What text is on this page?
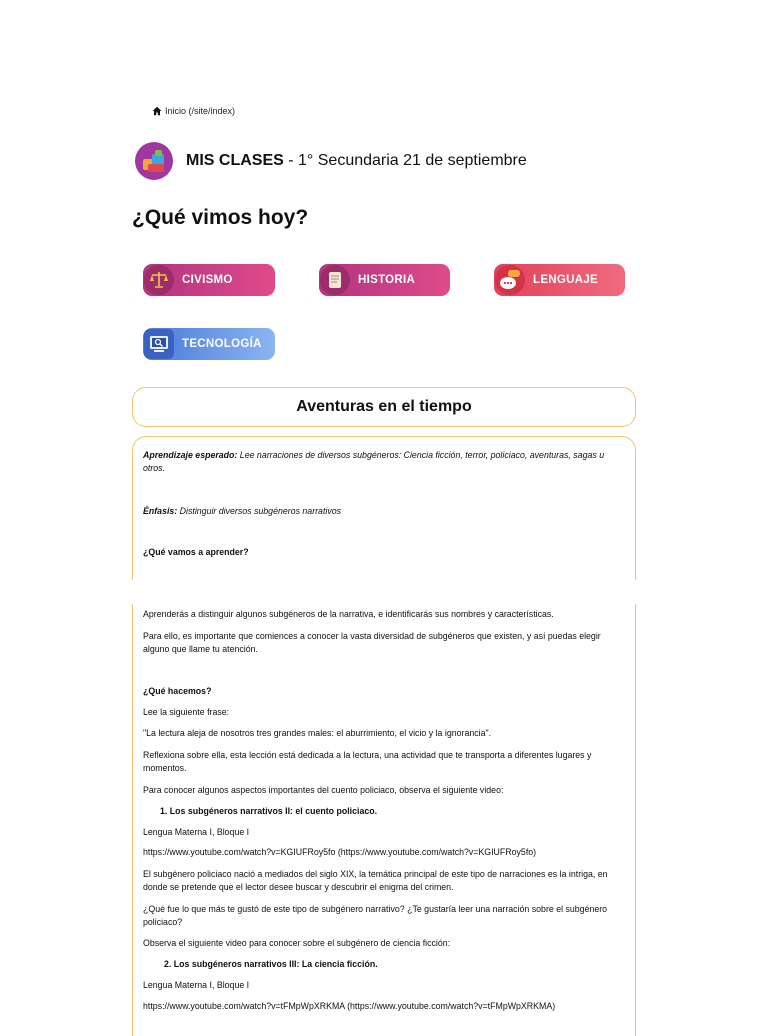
Inicio (/site/index)
MIS CLASES - 1° Secundaria 21 de septiembre
¿Qué vimos hoy?
CIVISMO	HISTORIA	LENGUAJE
TECNOLOGÍA
Aventuras en el tiempo

Aprendizaje esperado: Lee narraciones de diversos subgéneros: Ciencia ficción, terror, policiaco, aventuras, sagas u otros.

Énfasis: Distinguir diversos subgéneros narrativos

¿Qué vamos a aprender?

Aprenderás a distinguir algunos subgéneros de la narrativa, e identificarás sus nombres y características.

Para ello, es importante que comiences a conocer la vasta diversidad de subgéneros que existen, y así puedas elegir alguno que llame tu atención.

¿Qué hacemos?

Lee la siguiente frase:

"La lectura aleja de nosotros tres grandes males: el aburrimiento, el vicio y la ignorancia".

Reflexiona sobre ella, esta lección está dedicada a la lectura, una actividad que te transporta a diferentes lugares y momentos.

Para conocer algunos aspectos importantes del cuento policiaco, observa el siguiente video:

1. Los subgéneros narrativos II: el cuento policiaco.

Lengua Materna I, Bloque I

https://www.youtube.com/watch?v=KGIUFRoy5fo (https://www.youtube.com/watch?v=KGIUFRoy5fo)

El subgénero policiaco nació a mediados del siglo XIX, la temática principal de este tipo de narraciones es la intriga, en donde se pretende que el lector desee buscar y descubrir el enigma del crimen.

¿Qué fue lo que más te gustó de este tipo de subgénero narrativo? ¿Te gustaría leer una narración sobre el subgénero policiaco?

Observa el siguiente video para conocer sobre el subgénero de ciencia ficción:

2. Los subgéneros narrativos III: La ciencia ficción.

Lengua Materna I, Bloque I

https://www.youtube.com/watch?v=tFMpWpXRKMA (https://www.youtube.com/watch?v=tFMpWpXRKMA)
